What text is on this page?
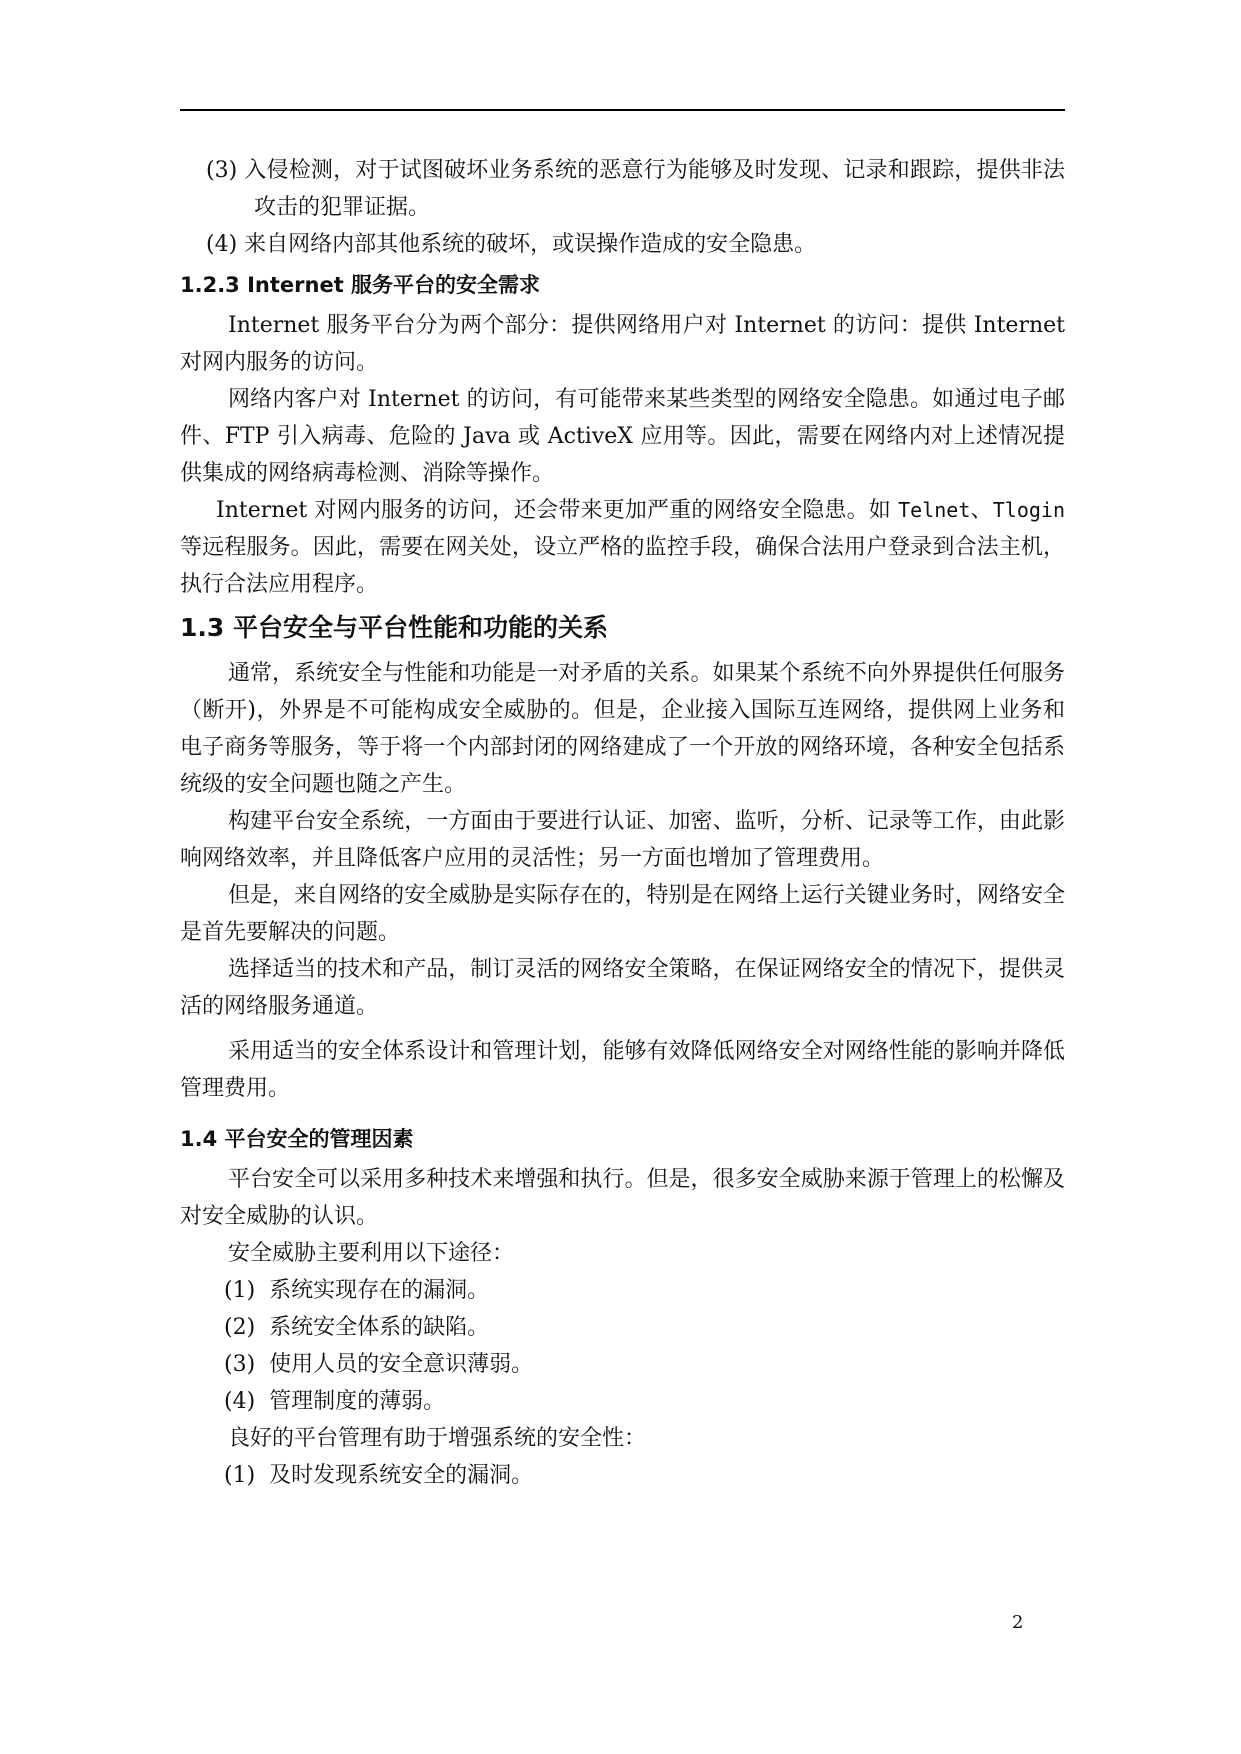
(3) 入侵检测，对于试图破坏业务系统的恶意行为能够及时发现、记录和跟踪，提供非法攻击的犯罪证据。

(4) 来自网络内部其他系统的破坏，或误操作造成的安全隐患。

1.2.3 Internet 服务平台的安全需求

Internet 服务平台分为两个部分：提供网络用户对 Internet 的访问：提供 Internet 对网内服务的访问。

网络内客户对 Internet 的访问，有可能带来某些类型的网络安全隐患。如通过电子邮件、FTP 引入病毒、危险的 Java 或 ActiveX 应用等。因此，需要在网络内对上述情况提供集成的网络病毒检测、消除等操作。

Internet 对网内服务的访问，还会带来更加严重的网络安全隐患。如 Telnet、Tlogin 等远程服务。因此，需要在网关处，设立严格的监控手段，确保合法用户登录到合法主机，执行合法应用程序。

1.3 平台安全与平台性能和功能的关系

通常，系统安全与性能和功能是一对矛盾的关系。如果某个系统不向外界提供任何服务（断开)，外界是不可能构成安全威胁的。但是，企业接入国际互连网络，提供网上业务和电子商务等服务，等于将一个内部封闭的网络建成了一个开放的网络环境，各种安全包括系统级的安全问题也随之产生。

构建平台安全系统，一方面由于要进行认证、加密、监听，分析、记录等工作，由此影响网络效率，并且降低客户应用的灵活性；另一方面也增加了管理费用。

但是，来自网络的安全威胁是实际存在的，特别是在网络上运行关键业务时，网络安全是首先要解决的问题。

选择适当的技术和产品，制订灵活的网络安全策略，在保证网络安全的情况下，提供灵活的网络服务通道。

采用适当的安全体系设计和管理计划，能够有效降低网络安全对网络性能的影响并降低管理费用。

1.4 平台安全的管理因素

平台安全可以采用多种技术来增强和执行。但是，很多安全威胁来源于管理上的松懈及对安全威胁的认识。

安全威胁主要利用以下途径：

(1) 系统实现存在的漏洞。

(2) 系统安全体系的缺陷。

(3) 使用人员的安全意识薄弱。

(4) 管理制度的薄弱。

良好的平台管理有助于增强系统的安全性：

(1) 及时发现系统安全的漏洞。

2
